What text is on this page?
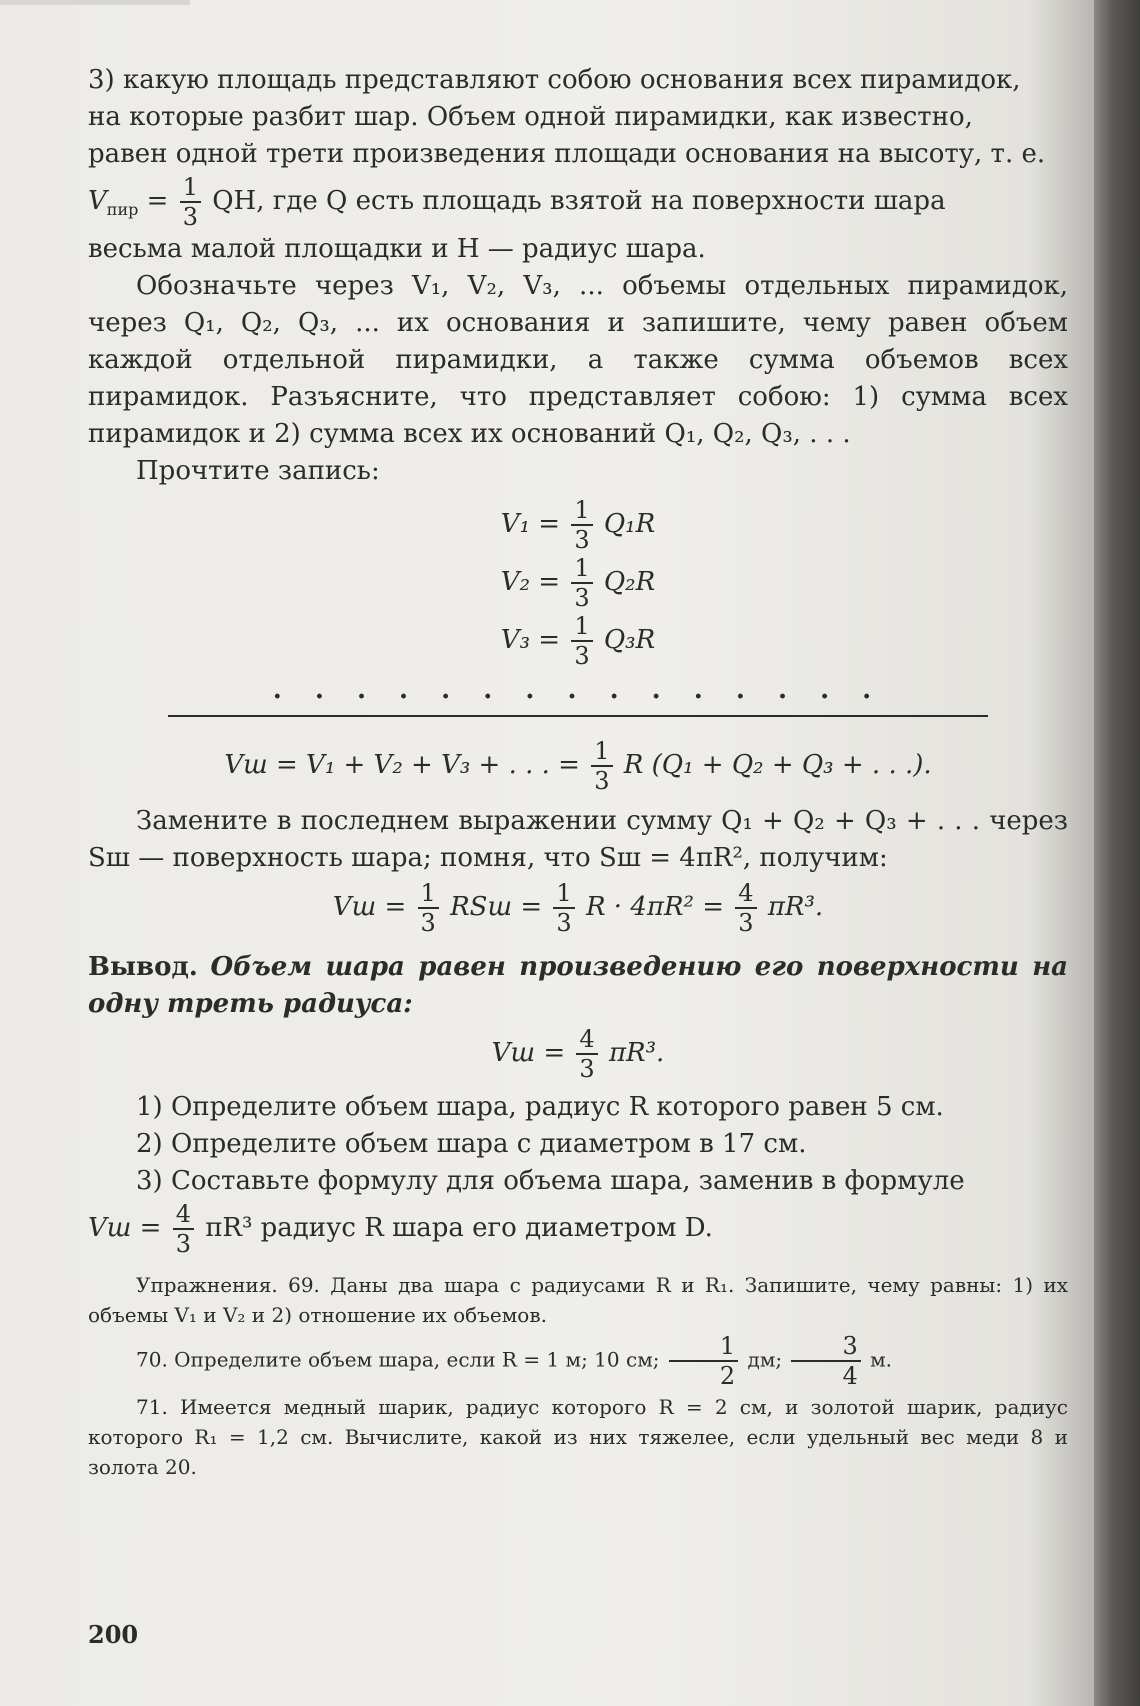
3) какую площадь представляют собою основания всех пирамидок,

на которые разбит шар. Объем одной пирамидки, как известно,

равен одной трети произведения площади основания на высоту, т. е.

$V_{пир} = \frac{1}{3}$ QH, где Q есть площадь взятой на поверхности шара

весьма малой площадки и H — радиус шара.

Обозначьте через V₁, V₂, V₃, ... объемы отдельных пирамидок, через Q₁, Q₂, Q₃, ... их основания и запишите, чему равен объем каждой отдельной пирамидки, а также сумма объемов всех пирамидок. Разъясните, что представляет собою: 1) сумма всех пирамидок и 2) сумма всех их оснований Q₁, Q₂, Q₃, . . .

Прочтите запись:

$V_1 = \frac{1}{3} Q_1R$
$V_2 = \frac{1}{3} Q_2R$
$V_3 = \frac{1}{3} Q_3R$
. . . . . . . . . . . . . . .
Vш = V₁ + V₂ + V₃ + . . . = $\frac{1}{3}$ R (Q₁ + Q₂ + Q₃ + . . .).

Замените в последнем выражении сумму Q₁ + Q₂ + Q₃ + . . . через Sш — поверхность шара; помня, что Sш = 4πR², получим:

Vш = $\frac{1}{3}$ RSш = $\frac{1}{3}$ $R \cdot 4\pi R^2 = \frac{4}{3} \pi R^3$.

Вывод. Объем шара равен произведению его поверхности на одну треть радиуса:

Vш = $\frac{4}{3} \pi R^3$.

1) Определите объем шара, радиус R которого равен 5 см.

2) Определите объем шара с диаметром в 17 см.

3) Составьте формулу для объема шара, заменив в формуле

Vш = $\frac{4}{3} \pi R^3$ радиус R шара его диаметром D.

Упражнения. 69. Даны два шара с радиусами R и R₁. Запишите, чему равны: 1) их объемы V₁ и V₂ и 2) отношение их объемов.

70. Определите объем шара, если R = 1 м; 10 см; $\frac{1}{2}$ дм; $\frac{3}{4} м$.

71. Имеется медный шарик, радиус которого R = 2 см, и золотой шарик, радиус которого R₁ = 1,2 см. Вычислите, какой из них тяжелее, если удельный вес меди 8 и золота 20.

200
